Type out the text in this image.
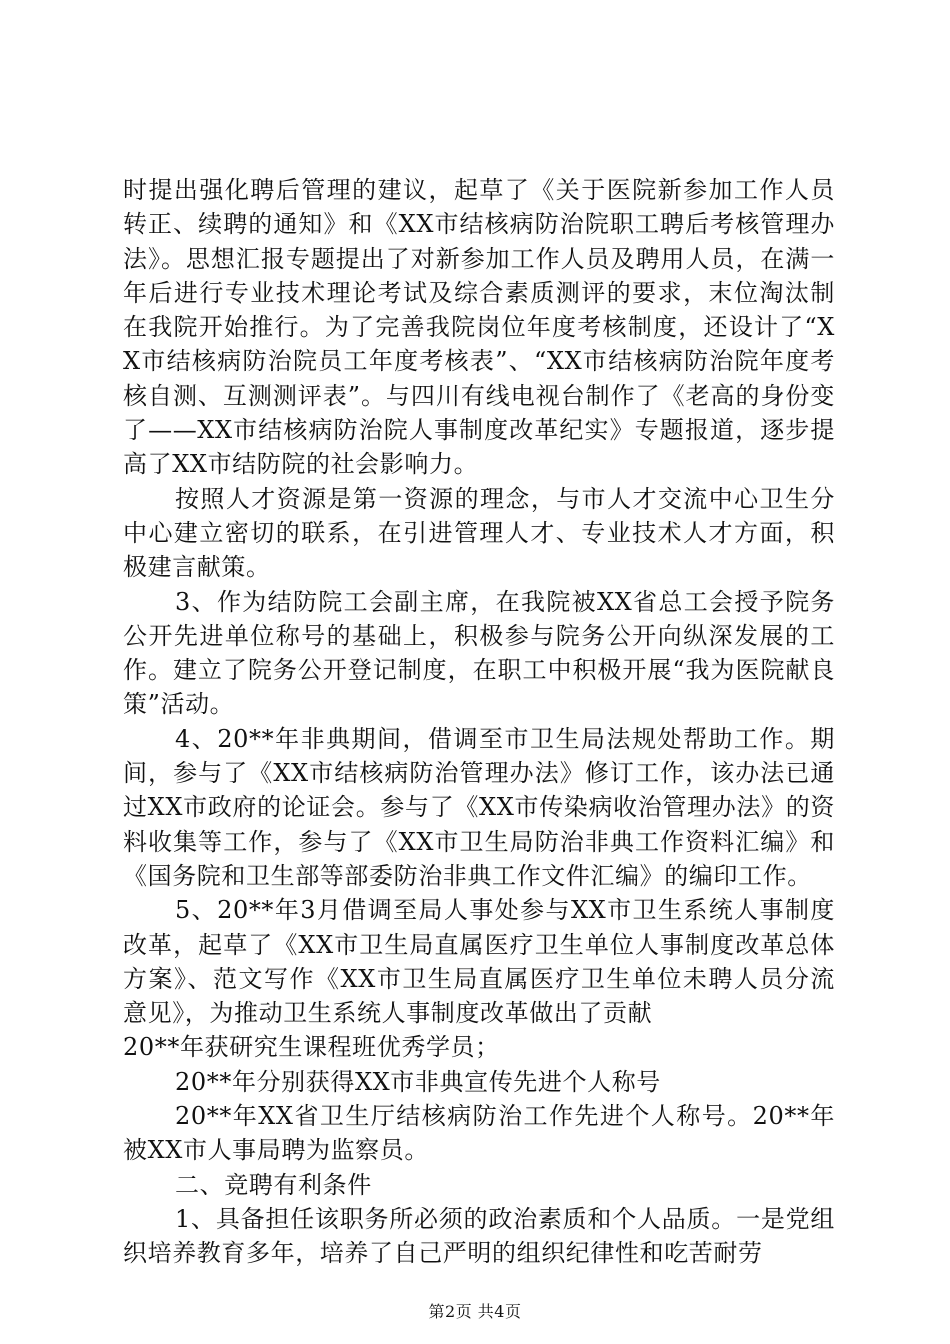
时提出强化聘后管理的建议，起草了《关于医院新参加工作人员转正、续聘的通知》和《XX市结核病防治院职工聘后考核管理办法》。思想汇报专题提出了对新参加工作人员及聘用人员，在满一年后进行专业技术理论考试及综合素质测评的要求，末位淘汰制在我院开始推行。为了完善我院岗位年度考核制度，还设计了“XX市结核病防治院员工年度考核表”、“XX市结核病防治院年度考核自测、互测测评表”。与四川有线电视台制作了《老高的身份变了——XX市结核病防治院人事制度改革纪实》专题报道，逐步提高了XX市结防院的社会影响力。

按照人才资源是第一资源的理念，与市人才交流中心卫生分中心建立密切的联系，在引进管理人才、专业技术人才方面，积极建言献策。

3、作为结防院工会副主席，在我院被XX省总工会授予院务公开先进单位称号的基础上，积极参与院务公开向纵深发展的工作。建立了院务公开登记制度，在职工中积极开展“我为医院献良策”活动。

4、20**年非典期间，借调至市卫生局法规处帮助工作。期间，参与了《XX市结核病防治管理办法》修订工作，该办法已通过XX市政府的论证会。参与了《XX市传染病收治管理办法》的资料收集等工作，参与了《XX市卫生局防治非典工作资料汇编》和《国务院和卫生部等部委防治非典工作文件汇编》的编印工作。

5、20**年3月借调至局人事处参与XX市卫生系统人事制度改革，起草了《XX市卫生局直属医疗卫生单位人事制度改革总体方案》、范文写作《XX市卫生局直属医疗卫生单位未聘人员分流意见》，为推动卫生系统人事制度改革做出了贡献

20**年获研究生课程班优秀学员；

20**年分别获得XX市非典宣传先进个人称号

20**年XX省卫生厅结核病防治工作先进个人称号。20**年被XX市人事局聘为监察员。

二、竞聘有利条件

1、具备担任该职务所必须的政治素质和个人品质。一是党组织培养教育多年，培养了自己严明的组织纪律性和吃苦耐劳

第2页 共4页
